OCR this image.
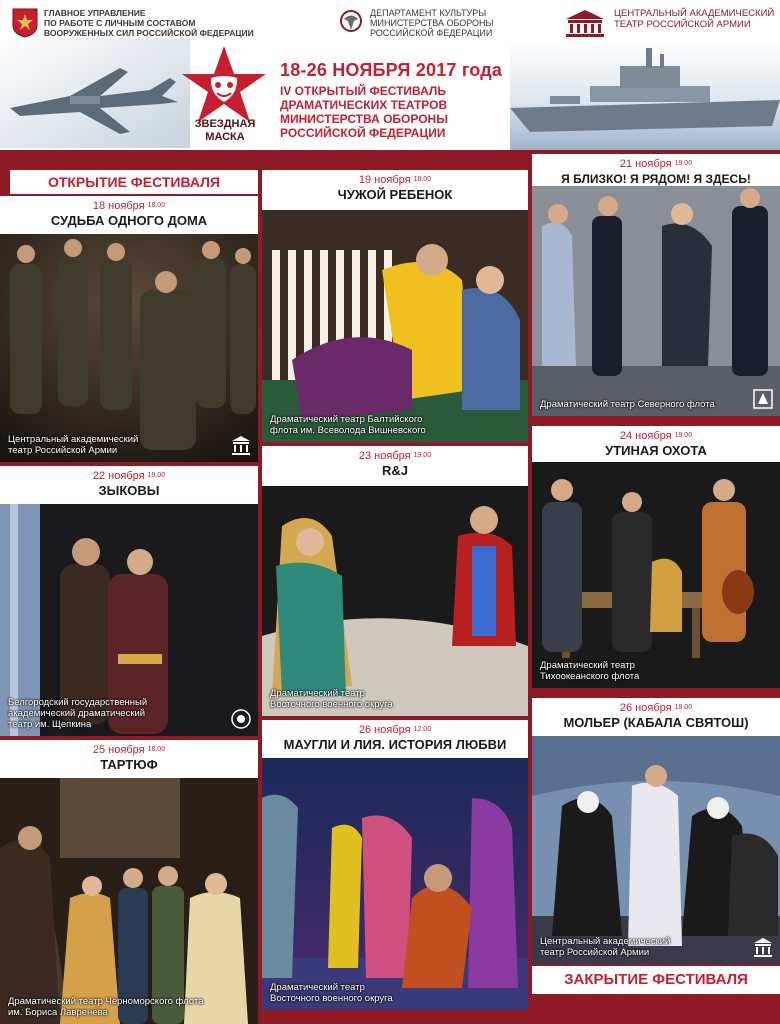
ГЛАВНОЕ УПРАВЛЕНИЕ
ПО РАБОТЕ С ЛИЧНЫМ СОСТАВОМ
ВООРУЖЕННЫХ СИЛ РОССИЙСКОЙ ФЕДЕРАЦИИ
ДЕПАРТАМЕНТ КУЛЬТУРЫ
МИНИСТЕРСТВА ОБОРОНЫ
РОССИЙСКОЙ ФЕДЕРАЦИИ
ЦЕНТРАЛЬНЫЙ АКАДЕМИЧЕСКИЙ
ТЕАТР РОССИЙСКОЙ АРМИИ
ЗВЕЗДНАЯ
МАСКА
18-26 НОЯБРЯ 2017 года
IV ОТКРЫТЫЙ ФЕСТИВАЛЬ
ДРАМАТИЧЕСКИХ ТЕАТРОВ
МИНИСТЕРСТВА ОБОРОНЫ
РОССИЙСКОЙ ФЕДЕРАЦИИ
ОТКРЫТИЕ ФЕСТИВАЛЯ
18 ноября 18.00
СУДЬБА ОДНОГО ДОМА
Центральный академический
театр Российской Армии
22 ноября 19.00
ЗЫКОВЫ
Белгородский государственный
академический драматический
театр им. Щепкина
25 ноября 18.00
ТАРТЮФ
Драматический театр Черноморского флота
им. Бориса Лавренёва
19 ноября 18.00
ЧУЖОЙ РЕБЕНОК
Драматический театр Балтийского
флота им. Всеволода Вишневского
23 ноября 19.00
R&J
Драматический театр
Восточного военного округа
26 ноября 12.00
МАУГЛИ И ЛИЯ. ИСТОРИЯ ЛЮБВИ
Драматический театр
Восточного военного округа
21 ноября 19.00
Я БЛИЗКО! Я РЯДОМ! Я ЗДЕСЬ!
Драматический театр Северного флота
24 ноября 19.00
УТИНАЯ ОХОТА
Драматический театр
Тихоокеанского флота
26 ноября 18.00
МОЛЬЕР (КАБАЛА СВЯТОШ)
Центральный академический
театр Российской Армии
ЗАКРЫТИЕ ФЕСТИВАЛЯ
